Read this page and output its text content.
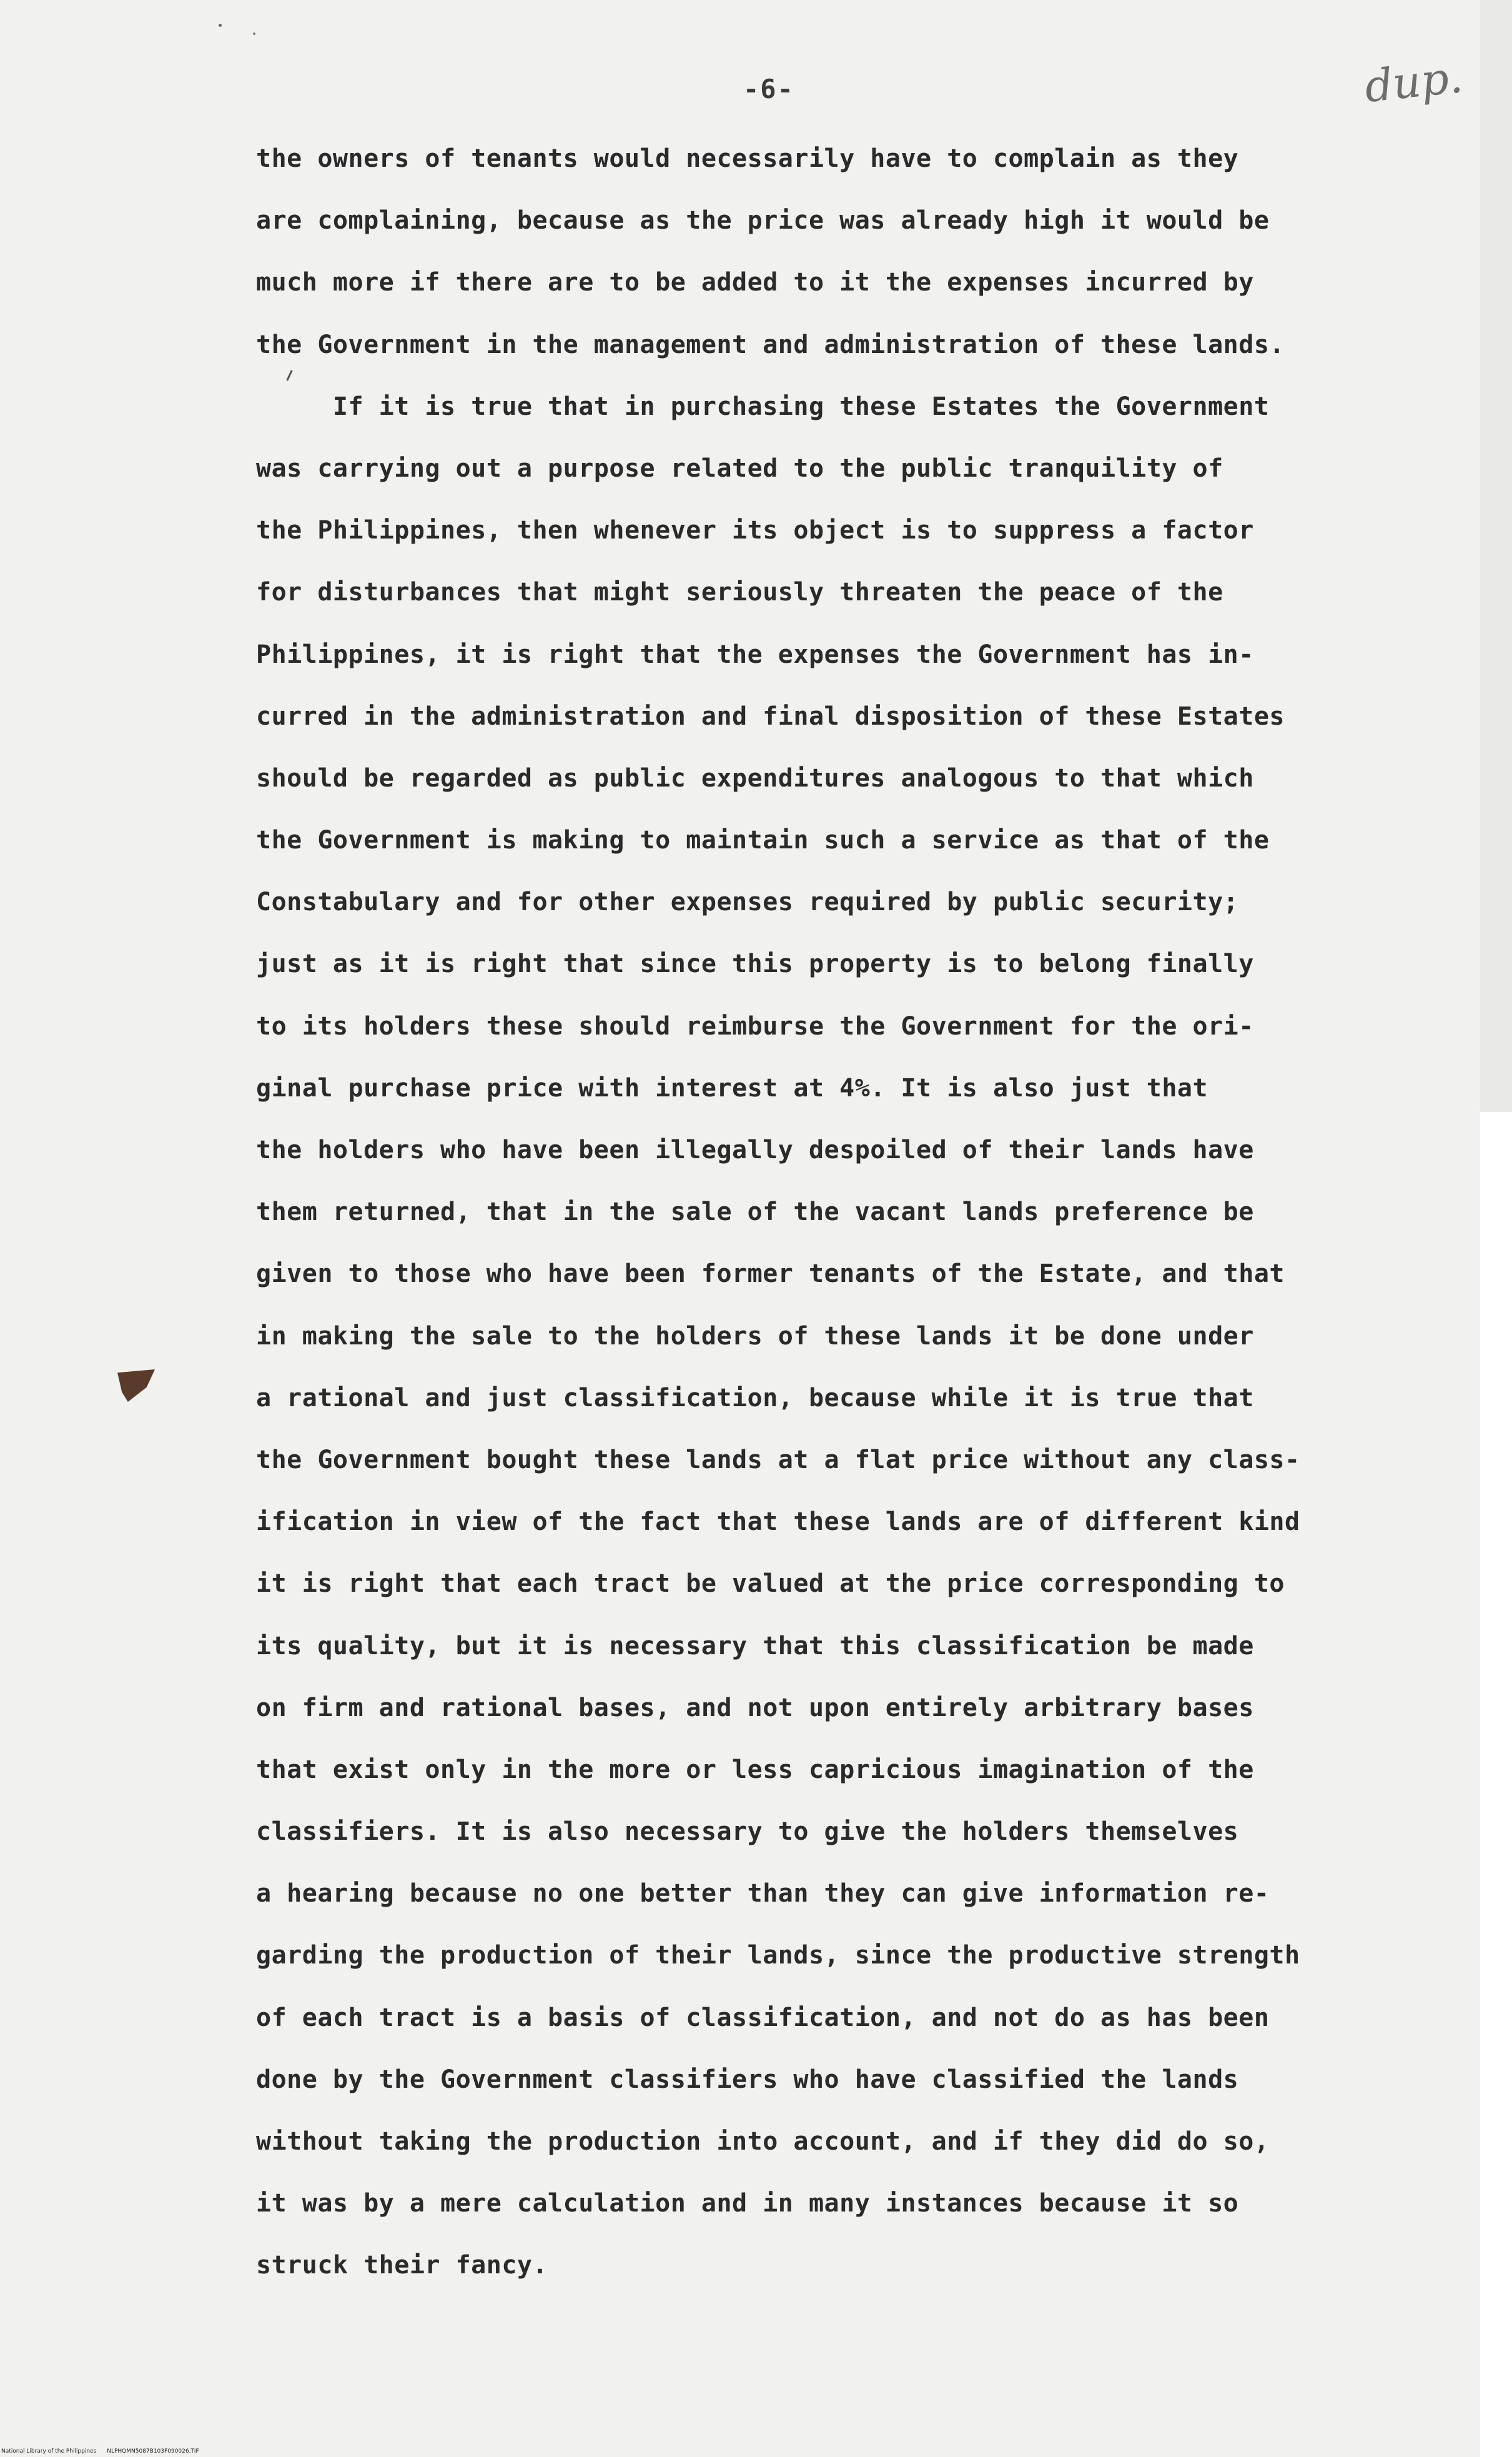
-6-	dup.
the owners of tenants would necessarily have to complain as they
are complaining, because as the price was already high it would be
much more if there are to be added to it the expenses incurred by
the Government in the management and administration of these lands.
If it is true that in purchasing these Estates the Government
was carrying out a purpose related to the public tranquility of
the Philippines, then whenever its object is to suppress a factor
for disturbances that might seriously threaten the peace of the
Philippines, it is right that the expenses the Government has in-
curred in the administration and final disposition of these Estates
should be regarded as public expenditures analogous to that which
the Government is making to maintain such a service as that of the
Constabulary and for other expenses required by public security;
just as it is right that since this property is to belong finally
to its holders these should reimburse the Government for the ori-
ginal purchase price with interest at 4%. It is also just that
the holders who have been illegally despoiled of their lands have
them returned, that in the sale of the vacant lands preference be
given to those who have been former tenants of the Estate, and that
in making the sale to the holders of these lands it be done under
a rational and just classification, because while it is true that
the Government bought these lands at a flat price without any class-
ification in view of the fact that these lands are of different kind
it is right that each tract be valued at the price corresponding to
its quality, but it is necessary that this classification be made
on firm and rational bases, and not upon entirely arbitrary bases
that exist only in the more or less capricious imagination of the
classifiers. It is also necessary to give the holders themselves
a hearing because no one better than they can give information re-
garding the production of their lands, since the productive strength
of each tract is a basis of classification, and not do as has been
done by the Government classifiers who have classified the lands
without taking the production into account, and if they did do so,
it was by a mere calculation and in many instances because it so
struck their fancy.
National Library of the Philippines NLPHQMN5087B103F090026.TIF
